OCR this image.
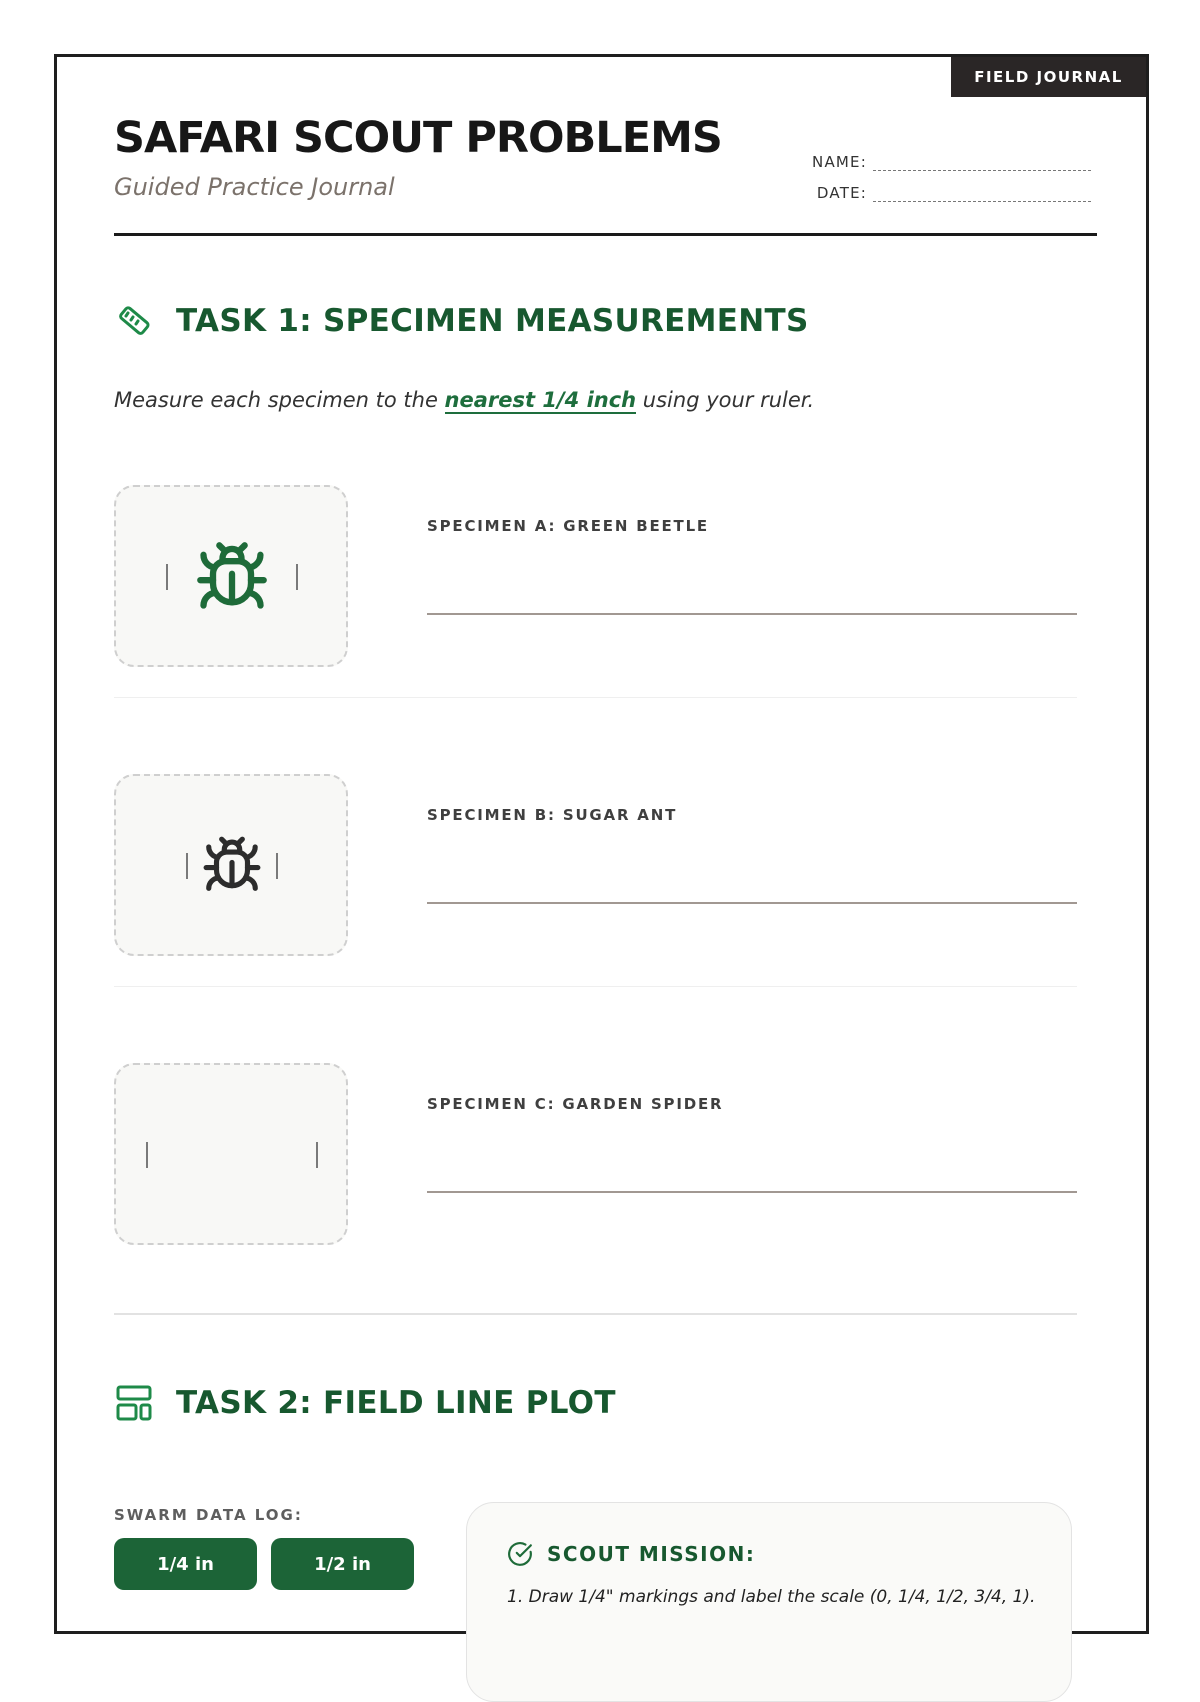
FIELD JOURNAL
SAFARI SCOUT PROBLEMS
Guided Practice Journal
NAME:
DATE:
TASK 1: SPECIMEN MEASUREMENTS
Measure each specimen to the nearest 1/4 inch using your ruler.
SPECIMEN A: GREEN BEETLE
SPECIMEN B: SUGAR ANT
SPECIMEN C: GARDEN SPIDER
TASK 2: FIELD LINE PLOT
SWARM DATA LOG:
1/4 in	1/2 in	SCOUT MISSION:
1. Draw 1/4" markings and label the scale (0, 1/4, 1/2, 3/4, 1).
